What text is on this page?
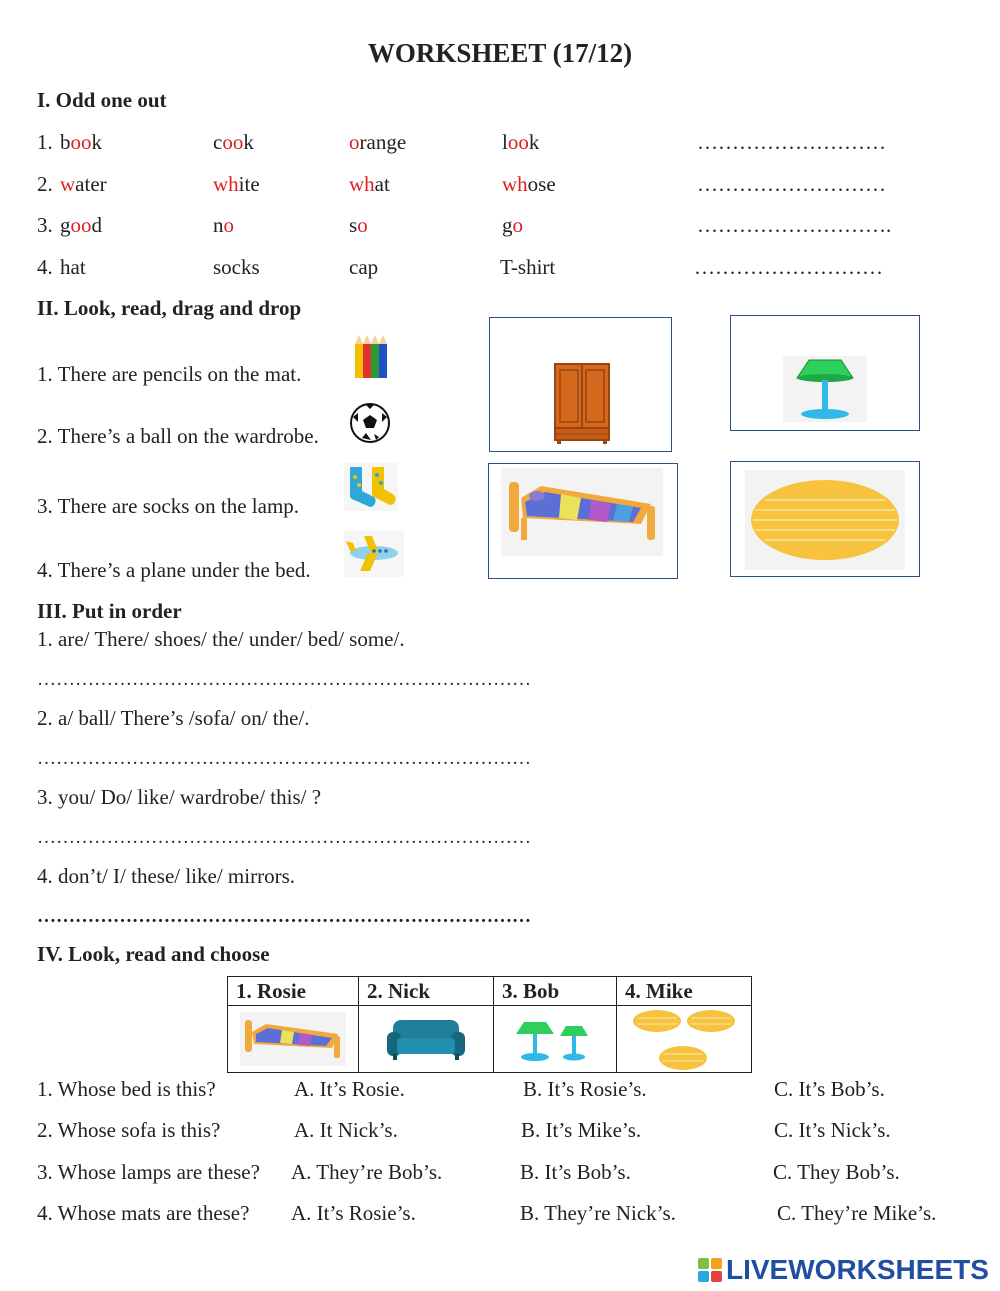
WORKSHEET (17/12)
I. Odd one out
1. book	cook	orange	look	………………………
2. water	white	what	whose	………………………
3. good	no	so	go	……………………….
4. hat	socks	cap	T-shirt	………………………
II. Look, read, drag and drop
1. There are pencils on the mat.
2. There’s a ball on the wardrobe.
3. There are socks on the lamp.
4. There’s a plane under the bed.
III. Put in order
1. are/ There/ shoes/ the/ under/ bed/ some/.
……………………………………………………………………
2. a/ ball/ There’s /sofa/ on/ the/.
……………………………………………………………………
3. you/ Do/ like/ wardrobe/ this/ ?
……………………………………………………………………
4. don’t/ I/ these/ like/ mirrors.
……………………………………………………………………
IV. Look, read and choose
1. Rosie	2. Nick	3. Bob	4. Mike

1. Whose bed is this?	A. It’s Rosie.	B. It’s Rosie’s.	C. It’s Bob’s.
2. Whose sofa is this?	A. It Nick’s.	B. It’s Mike’s.	C. It’s Nick’s.
3. Whose lamps are these? A. They’re Bob’s.	B. It’s Bob’s.	C. They Bob’s.
4. Whose mats are these? A. It’s Rosie’s.	B. They’re Nick’s.	C. They’re Mike’s.
LIVEWORKSHEETS
